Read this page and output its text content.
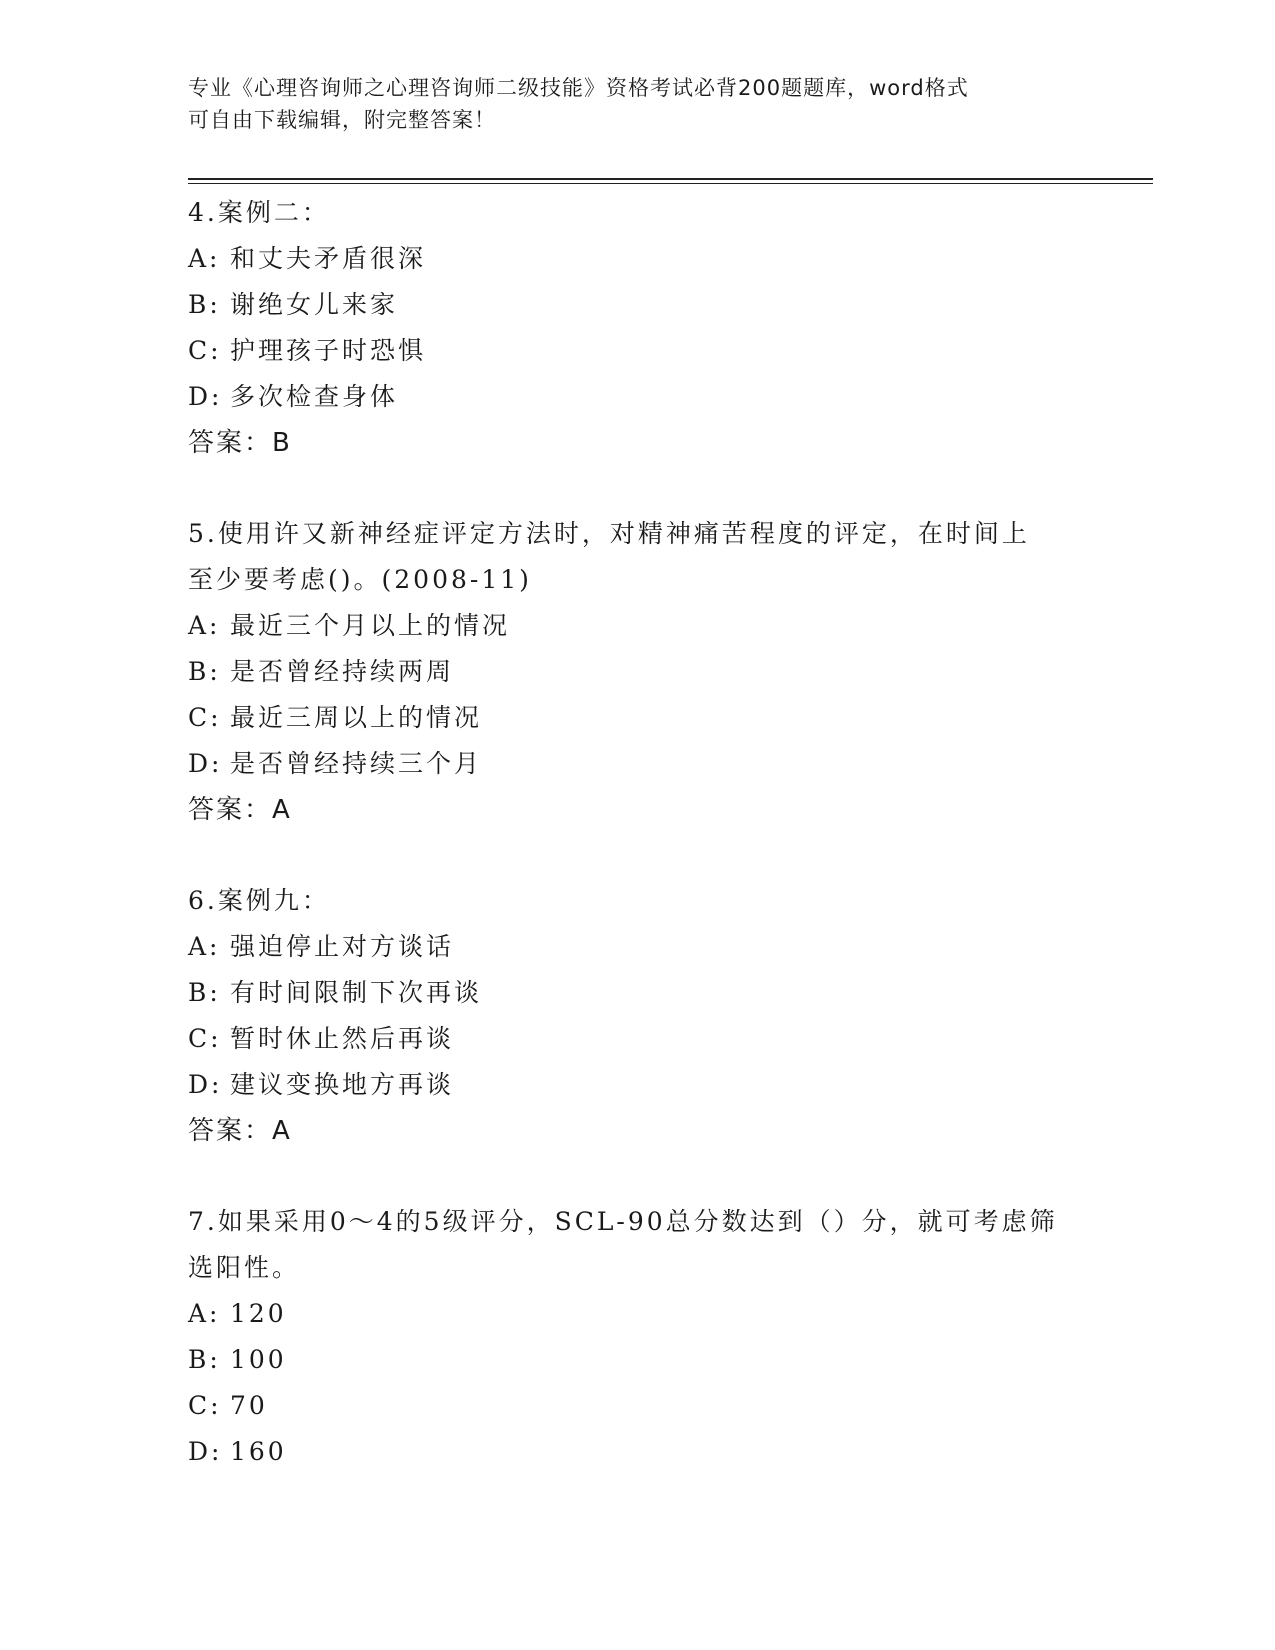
专业《心理咨询师之心理咨询师二级技能》资格考试必背200题题库，word格式
可自由下载编辑，附完整答案！

4.案例二：

A: 和丈夫矛盾很深

B: 谢绝女儿来家

C: 护理孩子时恐惧

D: 多次检查身体

答案：B

5.使用许又新神经症评定方法时，对精神痛苦程度的评定，在时间上

至少要考虑()。(2008-11)

A: 最近三个月以上的情况

B: 是否曾经持续两周

C: 最近三周以上的情况

D: 是否曾经持续三个月

答案：A

6.案例九：

A: 强迫停止对方谈话

B: 有时间限制下次再谈

C: 暂时休止然后再谈

D: 建议变换地方再谈

答案：A

7.如果采用0～4的5级评分，SCL-90总分数达到（）分，就可考虑筛

选阳性。

A: 120

B: 100

C: 70

D: 160
